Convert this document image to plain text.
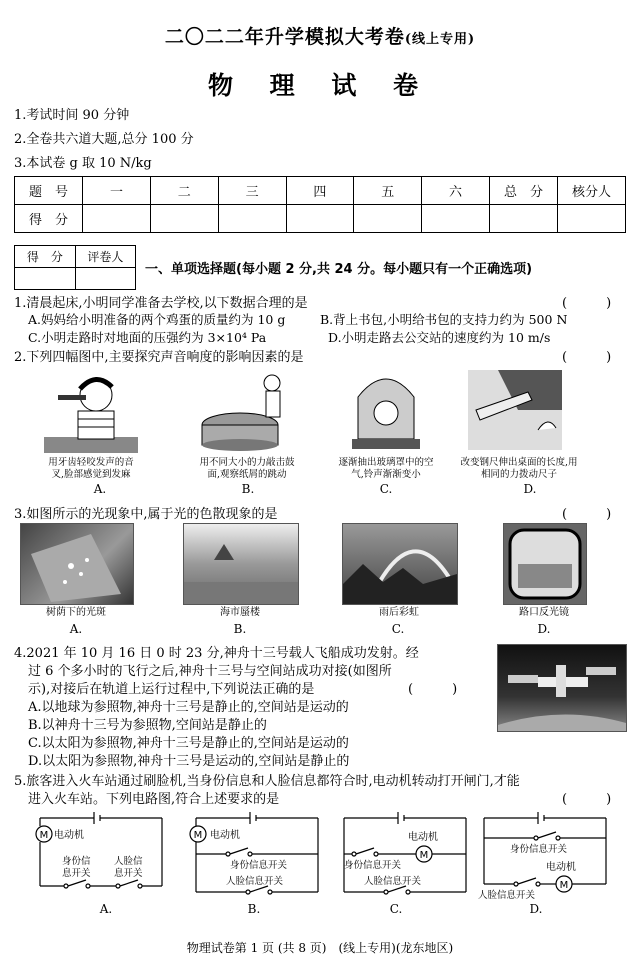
二〇二二年升学模拟大考卷(线上专用)
物 理 试 卷
1.考试时间 90 分钟
2.全卷共六道大题,总分 100 分
3.本试卷 g 取 10 N/kg
题　号	一	二	三	四	五	六	总　分	核分人
得　分								
得　分	评卷人

一、单项选择题(每小题 2 分,共 24 分。每小题只有一个正确选项)
1.清晨起床,小明同学准备去学校,以下数据合理的是	(　　　)
A.妈妈给小明准备的两个鸡蛋的质量约为 10 g	B.背上书包,小明给书包的支持力约为 500 N
C.小明走路时对地面的压强约为 3×10⁴ Pa	D.小明走路去公交站的速度约为 10 m/s
2.下列四幅图中,主要探究声音响度的影响因素的是	(　　　)
用牙齿轻咬发声的音叉,脸部感觉到发麻
用不同大小的力敲击鼓面,观察纸屑的跳动
逐渐抽出玻璃罩中的空气,铃声渐渐变小
改变钢尺伸出桌面的长度,用相同的力拨动尺子
A.	B.	C.	D.
3.如图所示的光现象中,属于光的色散现象的是	(　　　)
树荫下的光斑	海市蜃楼	雨后彩虹	路口反光镜
A.	B.	C.	D.
4.2021 年 10 月 16 日 0 时 23 分,神舟十三号载人飞船成功发射。经
过 6 个多小时的飞行之后,神舟十三号与空间站成功对接(如图所
示),对接后在轨道上运行过程中,下列说法正确的是	(　　　)
A.以地球为参照物,神舟十三号是静止的,空间站是运动的
B.以神舟十三号为参照物,空间站是静止的
C.以太阳为参照物,神舟十三号是静止的,空间站是运动的
D.以太阳为参照物,神舟十三号是运动的,空间站是静止的
5.旅客进入火车站通过刷脸机,当身份信息和人脸信息都符合时,电动机转动打开闸门,才能
进入火车站。下列电路图,符合上述要求的是	(　　　)
M 电动机
身份信
息开关
人脸信
息开关
M 电动机
身份信息开关
人脸信息开关
M
电动机
身份信息开关
人脸信息开关	M
电动机
身份信息开关
人脸信息开关
A.	B.	C.	D.
物理试卷第 1 页 (共 8 页)　(线上专用)(龙东地区)
